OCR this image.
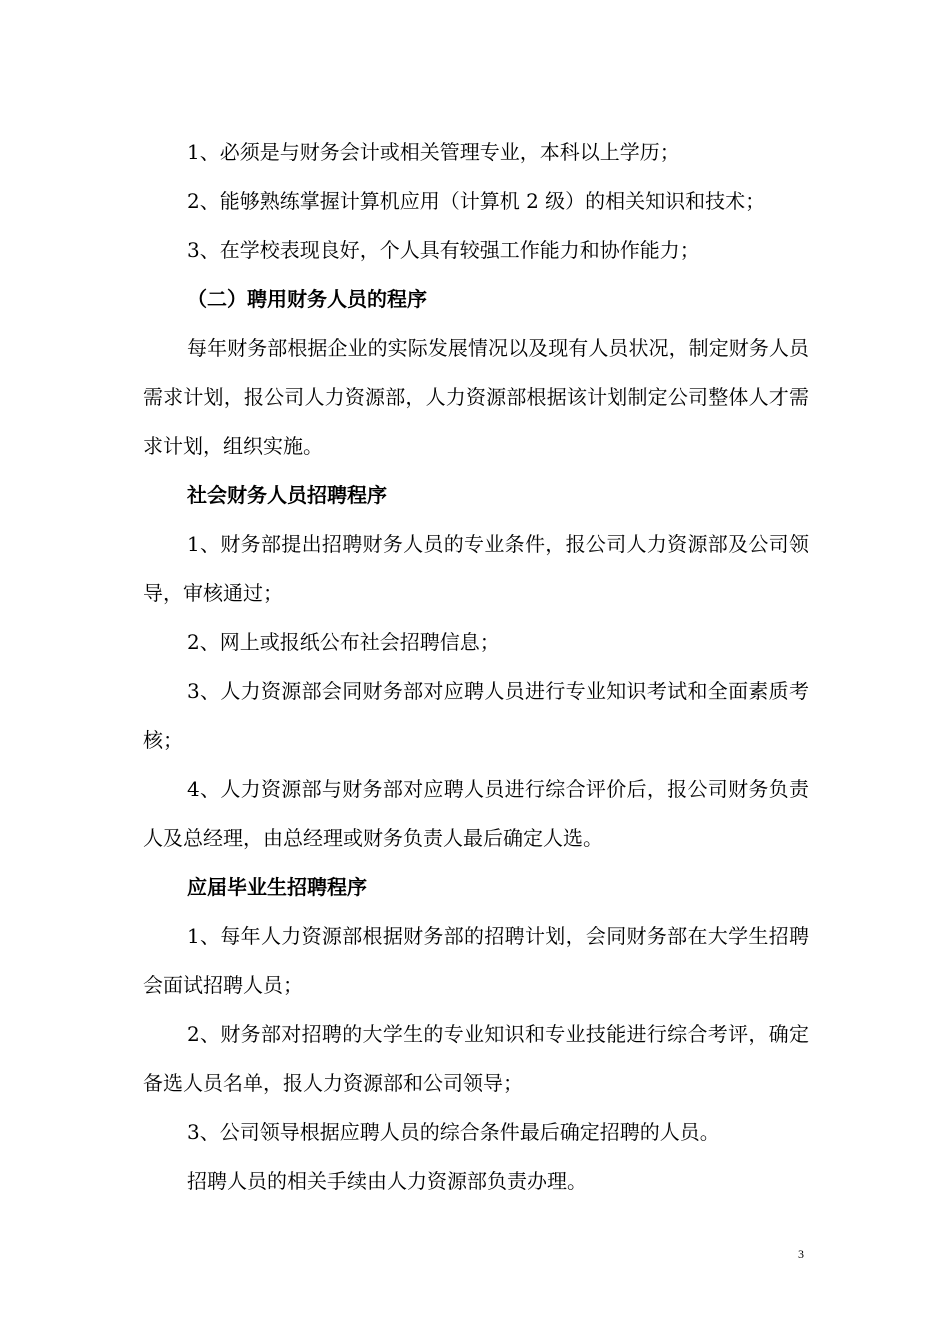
1、必须是与财务会计或相关管理专业，本科以上学历；

2、能够熟练掌握计算机应用（计算机 2 级）的相关知识和技术；

3、在学校表现良好，个人具有较强工作能力和协作能力；

（二）聘用财务人员的程序

每年财务部根据企业的实际发展情况以及现有人员状况，制定财务人员需求计划，报公司人力资源部，人力资源部根据该计划制定公司整体人才需求计划，组织实施。

社会财务人员招聘程序

1、财务部提出招聘财务人员的专业条件，报公司人力资源部及公司领导，审核通过；

2、网上或报纸公布社会招聘信息；

3、人力资源部会同财务部对应聘人员进行专业知识考试和全面素质考核；

4、人力资源部与财务部对应聘人员进行综合评价后，报公司财务负责人及总经理，由总经理或财务负责人最后确定人选。

应届毕业生招聘程序

1、每年人力资源部根据财务部的招聘计划，会同财务部在大学生招聘会面试招聘人员；

2、财务部对招聘的大学生的专业知识和专业技能进行综合考评，确定备选人员名单，报人力资源部和公司领导；

3、公司领导根据应聘人员的综合条件最后确定招聘的人员。

招聘人员的相关手续由人力资源部负责办理。

3
